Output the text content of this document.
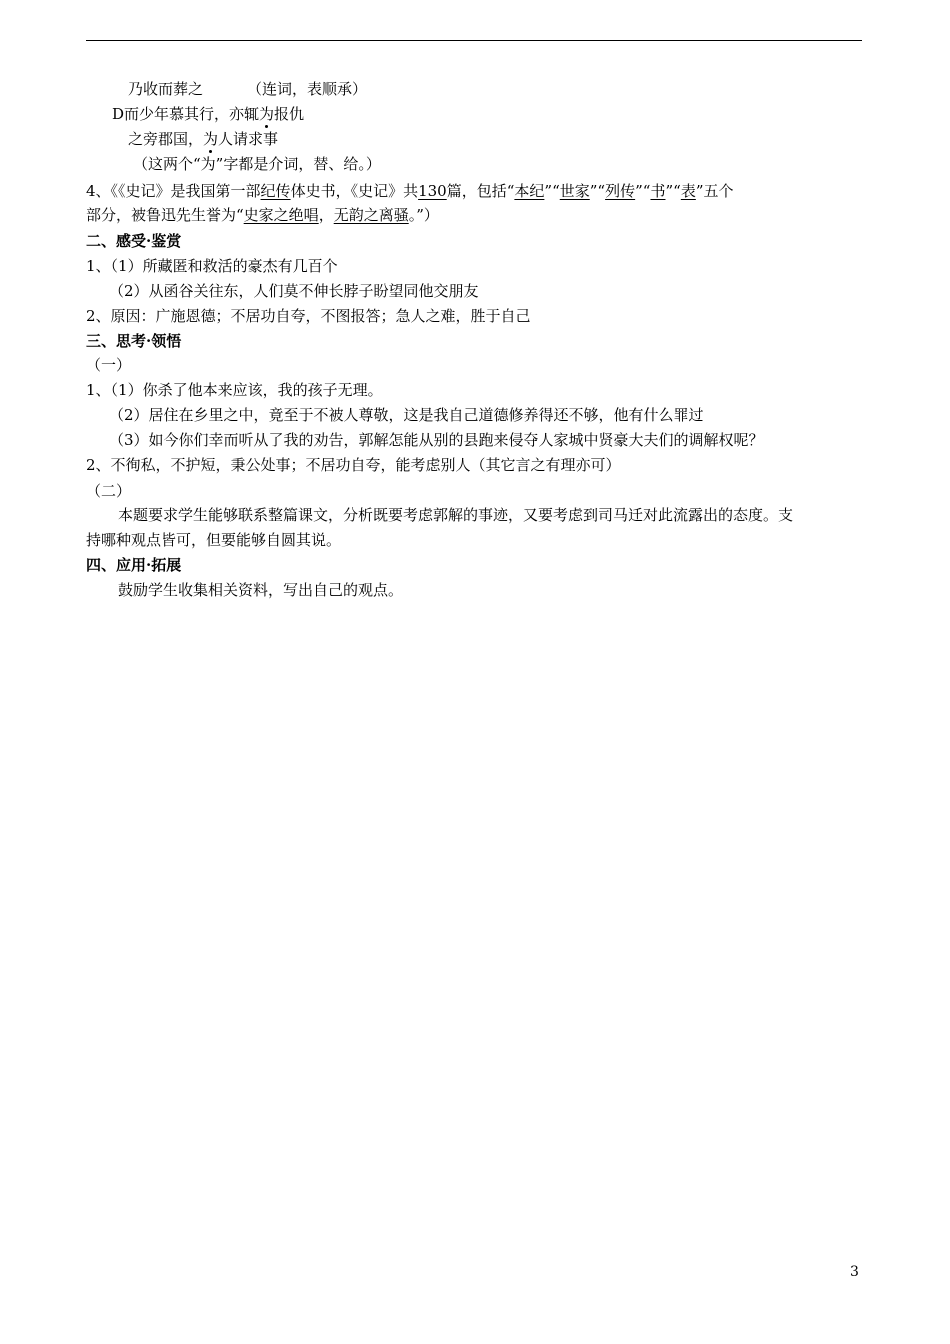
乃收而葬之	（连词，表顺承）
D而少年慕其行，亦辄为报仇
之旁郡国，为人请求事
（这两个“为”字都是介词，替、给。）
4、《《史记》是我国第一部纪传体史书，《史记》共130篇，包括“本纪”“世家”“列传”“书”“表”五个
部分，被鲁迅先生誉为“史家之绝唱，无韵之离骚。”）
二、感受·鉴赏
1、（1）所藏匿和救活的豪杰有几百个
（2）从函谷关往东，人们莫不伸长脖子盼望同他交朋友
2、原因：广施恩德；不居功自夸，不图报答；急人之难，胜于自己
三、思考·领悟
（一）
1、（1）你杀了他本来应该，我的孩子无理。
（2）居住在乡里之中，竟至于不被人尊敬，这是我自己道德修养得还不够，他有什么罪过
（3）如今你们幸而听从了我的劝告，郭解怎能从别的县跑来侵夺人家城中贤豪大夫们的调解权呢？
2、不徇私，不护短，秉公处事；不居功自夸，能考虑别人（其它言之有理亦可）
（二）
本题要求学生能够联系整篇课文，分析既要考虑郭解的事迹，又要考虑到司马迁对此流露出的态度。支
持哪种观点皆可，但要能够自圆其说。
四、应用·拓展
鼓励学生收集相关资料，写出自己的观点。
3
